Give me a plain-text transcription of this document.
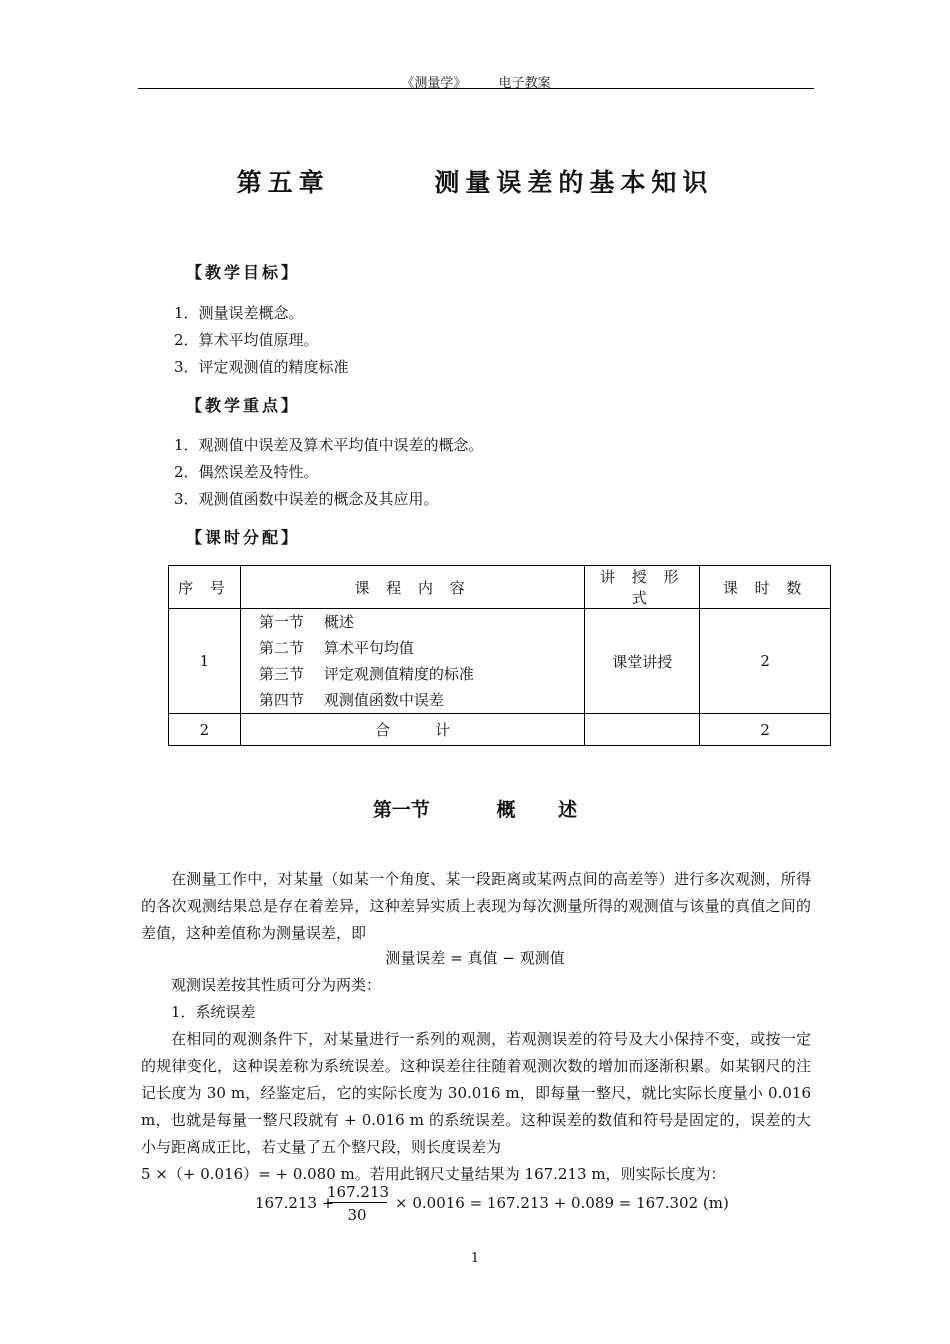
《测量学》 电子教案
第五章	测量误差的基本知识
【教学目标】
1．测量误差概念。
2．算术平均值原理。
3．评定观测值的精度标准
【教学重点】
1．观测值中误差及算术平均值中误差的概念。
2．偶然误差及特性。
3．观测值函数中误差的概念及其应用。
【课时分配】
序 号	课 程 内 容	讲 授 形 式	课 时 数
1	第一节 概述
第二节 算术平句均值
第三节 评定观测值精度的标准
第四节 观测值函数中误差	课堂讲授	2
2	合　　　计		2
第一节	概 述

在测量工作中，对某量（如某一个角度、某一段距离或某两点间的高差等）进行多次观测，所得的各次观测结果总是存在着差异，这种差异实质上表现为每次测量所得的观测值与该量的真值之间的差值，这种差值称为测量误差，即

测量误差 = 真值 − 观测值
观测误差按其性质可分为两类：
1．系统误差

在相同的观测条件下，对某量进行一系列的观测，若观测误差的符号及大小保持不变，或按一定的规律变化，这种误差称为系统误差。这种误差往往随着观测次数的增加而逐渐积累。如某钢尺的注记长度为 30 m，经鉴定后，它的实际长度为 30.016 m，即每量一整尺，就比实际长度量小 0.016 m，也就是每量一整尺段就有 + 0.016 m 的系统误差。这种误差的数值和符号是固定的，误差的大小与距离成正比，若丈量了五个整尺段，则长度误差为

5 ×（+ 0.016）= + 0.080 m。若用此钢尺丈量结果为 167.213 m，则实际长度为：
167.213 +
$\frac{167.213}{30} \times 0.0016 = 167.213 + 0.089 = 167.302$ (m)
1
